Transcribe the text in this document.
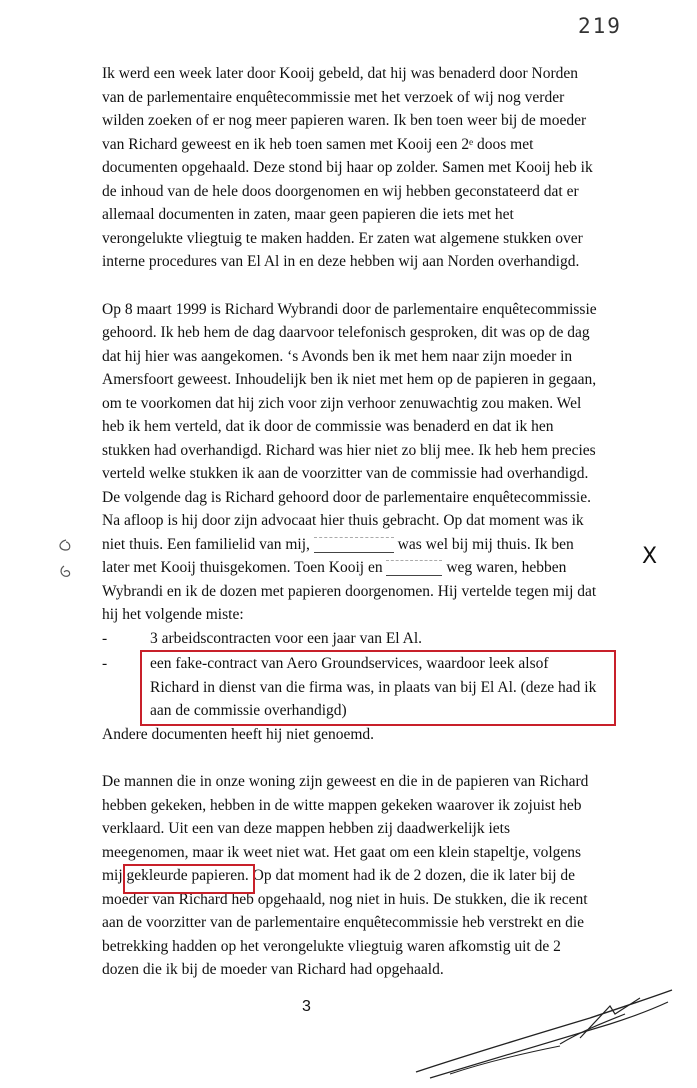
219
Ik werd een week later door Kooij gebeld, dat hij was benaderd door Norden
van de parlementaire enquêtecommissie met het verzoek of wij nog verder
wilden zoeken of er nog meer papieren waren. Ik ben toen weer bij de moeder
van Richard geweest en ik heb toen samen met Kooij een 2ᵉ doos met
documenten opgehaald. Deze stond bij haar op zolder. Samen met Kooij heb ik
de inhoud van de hele doos doorgenomen en wij hebben geconstateerd dat er
allemaal documenten in zaten, maar geen papieren die iets met het
verongelukte vliegtuig te maken hadden. Er zaten wat algemene stukken over
interne procedures van El Al in en deze hebben wij aan Norden overhandigd.
Op 8 maart 1999 is Richard Wybrandi door de parlementaire enquêtecommissie
gehoord. Ik heb hem de dag daarvoor telefonisch gesproken, dit was op de dag
dat hij hier was aangekomen. ‘s Avonds ben ik met hem naar zijn moeder in
Amersfoort geweest. Inhoudelijk ben ik niet met hem op de papieren in gegaan,
om te voorkomen dat hij zich voor zijn verhoor zenuwachtig zou maken. Wel
heb ik hem verteld, dat ik door de commissie was benaderd en dat ik hen
stukken had overhandigd. Richard was hier niet zo blij mee. Ik heb hem precies
verteld welke stukken ik aan de voorzitter van de commissie had overhandigd.
De volgende dag is Richard gehoord door de parlementaire enquêtecommissie.
Na afloop is hij door zijn advocaat hier thuis gebracht. Op dat moment was ik
niet thuis. Een familielid van mij,	was wel bij mij thuis. Ik ben
later met Kooij thuisgekomen. Toen Kooij en	weg waren, hebben
Wybrandi en ik de dozen met papieren doorgenomen. Hij vertelde tegen mij dat
hij het volgende miste:
-	3 arbeidscontracten voor een jaar van El Al.
-	een fake-contract van Aero Groundservices, waardoor leek alsof
Richard in dienst van die firma was, in plaats van bij El Al. (deze had ik
aan de commissie overhandigd)
Andere documenten heeft hij niet genoemd.
De mannen die in onze woning zijn geweest en die in de papieren van Richard
hebben gekeken, hebben in de witte mappen gekeken waarover ik zojuist heb
verklaard. Uit een van deze mappen hebben zij daadwerkelijk iets
meegenomen, maar ik weet niet wat. Het gaat om een klein stapeltje, volgens
mij gekleurde papieren. Op dat moment had ik de 2 dozen, die ik later bij de
moeder van Richard heb opgehaald, nog niet in huis. De stukken, die ik recent
aan de voorzitter van de parlementaire enquêtecommissie heb verstrekt en die
betrekking hadden op het verongelukte vliegtuig waren afkomstig uit de 2
dozen die ik bij de moeder van Richard had opgehaald.
X
3
